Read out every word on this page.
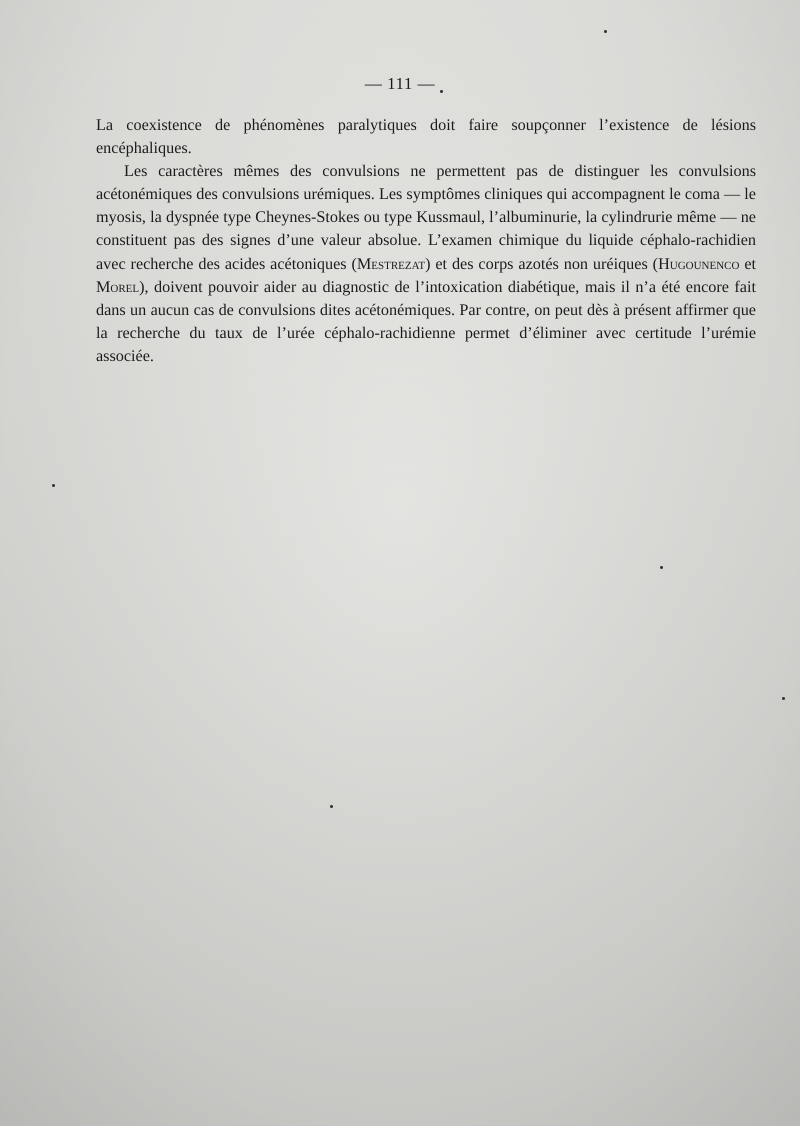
— 111 —

La coexistence de phénomènes paralytiques doit faire soupçonner l’existence de lésions encéphaliques.

Les caractères mêmes des convulsions ne permettent pas de distinguer les convulsions acétonémiques des convulsions urémiques. Les symptômes cliniques qui accompagnent le coma — le myosis, la dyspnée type Cheynes-Stokes ou type Kussmaul, l’albuminurie, la cylindrurie même — ne constituent pas des signes d’une valeur absolue. L’examen chimique du liquide céphalo-rachidien avec recherche des acides acétoniques (Mestrezat) et des corps azotés non uréiques (Hugounenco et Morel), doivent pouvoir aider au diagnostic de l’intoxication diabétique, mais il n’a été encore fait dans un aucun cas de convulsions dites acétonémiques. Par contre, on peut dès à présent affirmer que la recherche du taux de l’urée céphalo-rachidienne permet d’éliminer avec certitude l’urémie associée.
